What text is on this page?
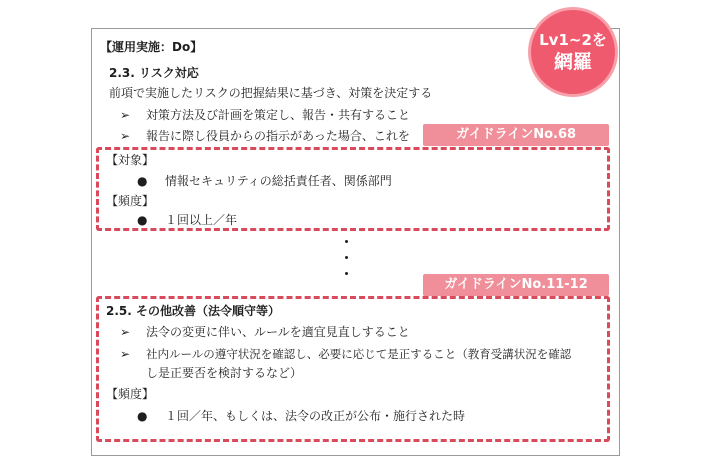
【運用実施：Do】
2.3. リスク対応
前項で実施したリスクの把握結果に基づき、対策を決定する
➢ 対策方法及び計画を策定し、報告・共有すること
➢ 報告に際し役員からの指示があった場合、これを	ガイドラインNo.68
【対象】
● 情報セキュリティの総括責任者、関係部門
【頻度】
● １回以上／年
ガイドラインNo.11-12
2.5. その他改善（法令順守等）
➢ 法令の変更に伴い、ルールを適宜見直しすること
➢ 社内ルールの遵守状況を確認し、必要に応じて是正すること（教育受講状況を確認
し是正要否を検討するなど）
【頻度】
● １回／年、もしくは、法令の改正が公布・施行された時
Lv1~2を
網羅
